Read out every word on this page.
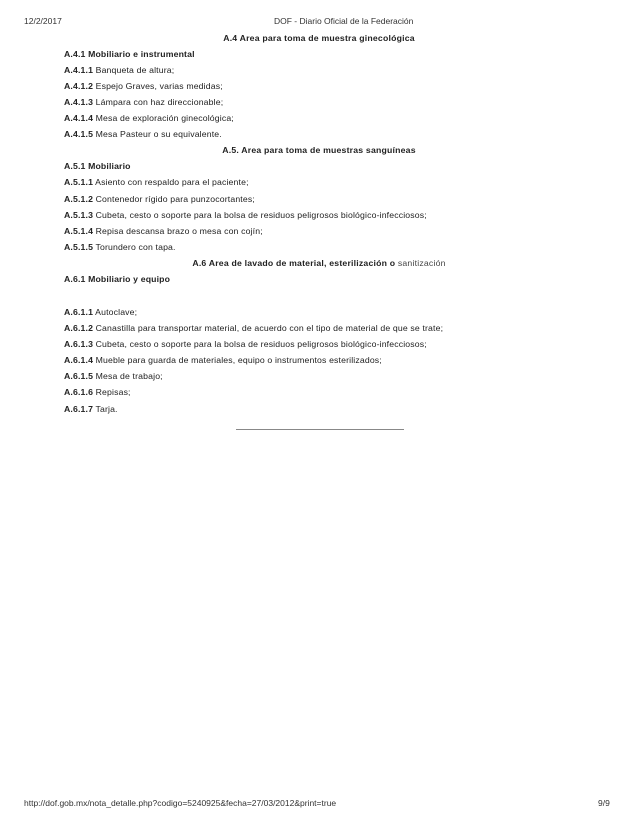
12/2/2017	DOF - Diario Oficial de la Federación
A.4 Area para toma de muestra ginecológica
A.4.1 Mobiliario e instrumental
A.4.1.1 Banqueta de altura;
A.4.1.2 Espejo Graves, varias medidas;
A.4.1.3 Lámpara con haz direccionable;
A.4.1.4 Mesa de exploración ginecológica;
A.4.1.5 Mesa Pasteur o su equivalente.
A.5. Area para toma de muestras sanguíneas
A.5.1 Mobiliario
A.5.1.1 Asiento con respaldo para el paciente;
A.5.1.2 Contenedor rígido para punzocortantes;
A.5.1.3 Cubeta, cesto o soporte para la bolsa de residuos peligrosos biológico-infecciosos;
A.5.1.4 Repisa descansa brazo o mesa con cojín;
A.5.1.5 Torundero con tapa.
A.6 Area de lavado de material, esterilización o sanitización
A.6.1 Mobiliario y equipo
A.6.1.1 Autoclave;
A.6.1.2 Canastilla para transportar material, de acuerdo con el tipo de material de que se trate;
A.6.1.3 Cubeta, cesto o soporte para la bolsa de residuos peligrosos biológico-infecciosos;
A.6.1.4 Mueble para guarda de materiales, equipo o instrumentos esterilizados;
A.6.1.5 Mesa de trabajo;
A.6.1.6 Repisas;
A.6.1.7 Tarja.
http://dof.gob.mx/nota_detalle.php?codigo=5240925&fecha=27/03/2012&print=true	9/9
